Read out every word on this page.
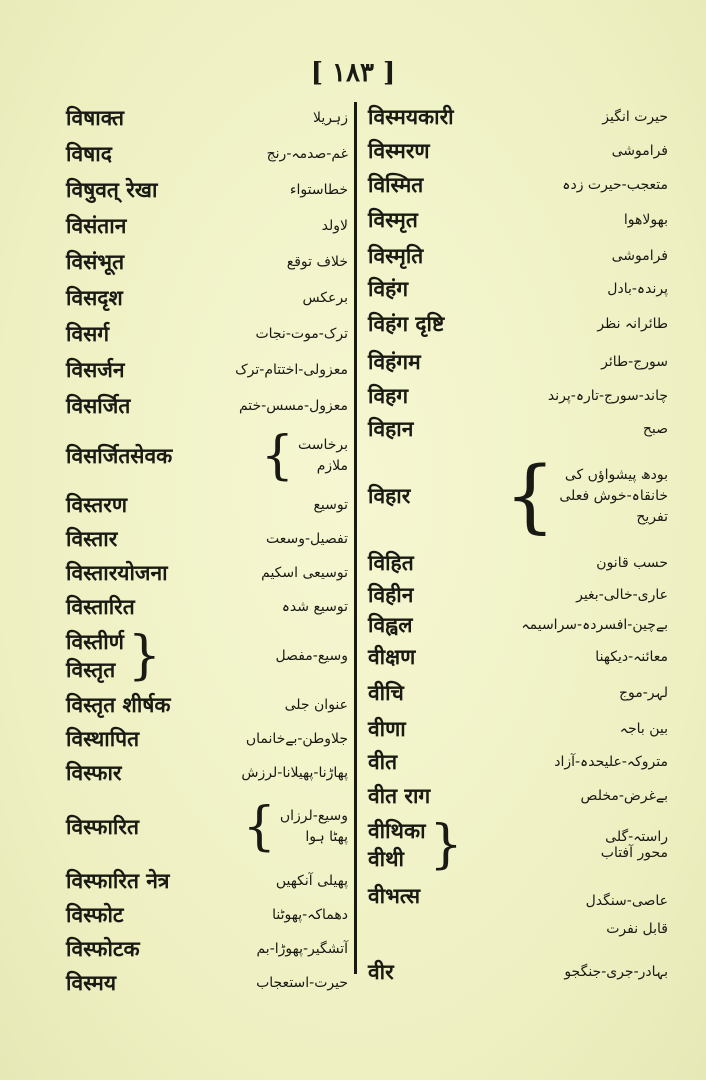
[ ١٨٣ ]
विषाक्त	زہریلا
विषाद	غم-صدمہ-رنج
विषुवत् रेखा	خطاستواء
विसंतान	لاولد
विसंभूत	خلاف توقع
विसदृश	برعکس
विसर्ग	ترک-موت-نجات
विसर्जन	معزولی-اختتام-ترک
विसर्जित	معزول-مسس-ختم
विसर्जितसेवक { برخاست
ملازم
विस्तरण	توسیع
विस्तार	تفصیل-وسعت
विस्तारयोजना	توسیعی اسکیم
विस्तारित	توسیع شدہ
विस्तीर्ण
विस्तृत }	وسیع-مفصل
विस्तृत शीर्षक	عنوان جلی
विस्थापित	جلاوطن-بےخانماں
विस्फार	پھاڑنا-پھیلانا-لرزش
विस्फारित { وسیع-لرزاں
پھٹا ہوا
विस्फारित नेत्र	پھیلی آنکھیں
विस्फोट	دھماکہ-پھوٹنا
विस्फोटक	آتشگیر-پھوڑا-بم
विस्मय	حیرت-استعجاب
विस्मयकारी	حیرت انگیز
विस्मरण	فراموشی
विस्मित	متعجب-حیرت زدہ
विस्मृत	بھولاھوا
विस्मृति	فراموشی
विहंग	پرندہ-بادل
विहंग दृष्टि	طائرانہ نظر
विहंगम	سورج-طائر
विहग	چاند-سورج-تارہ-پرند
विहान	صبح
विहार { بودھ پیشواؤں کی
خانقاہ-خوش فعلی
تفریح
विहित	حسب قانون
विहीन	عاری-خالی-بغیر
विह्वल	بےچین-افسردہ-سراسیمہ
वीक्षण	معائنہ-دیکھنا
वीचि	لہر-موج
वीणा	بین باجہ
वीत	متروکہ-علیحدہ-آزاد
वीत राग	بےغرض-مخلص
वीथिका
वीथी }	راستہ-گلی
محور آفتاب
वीभत्स	عاصی-سنگدل
قابل نفرت
वीर	بہادر-جری-جنگجو
